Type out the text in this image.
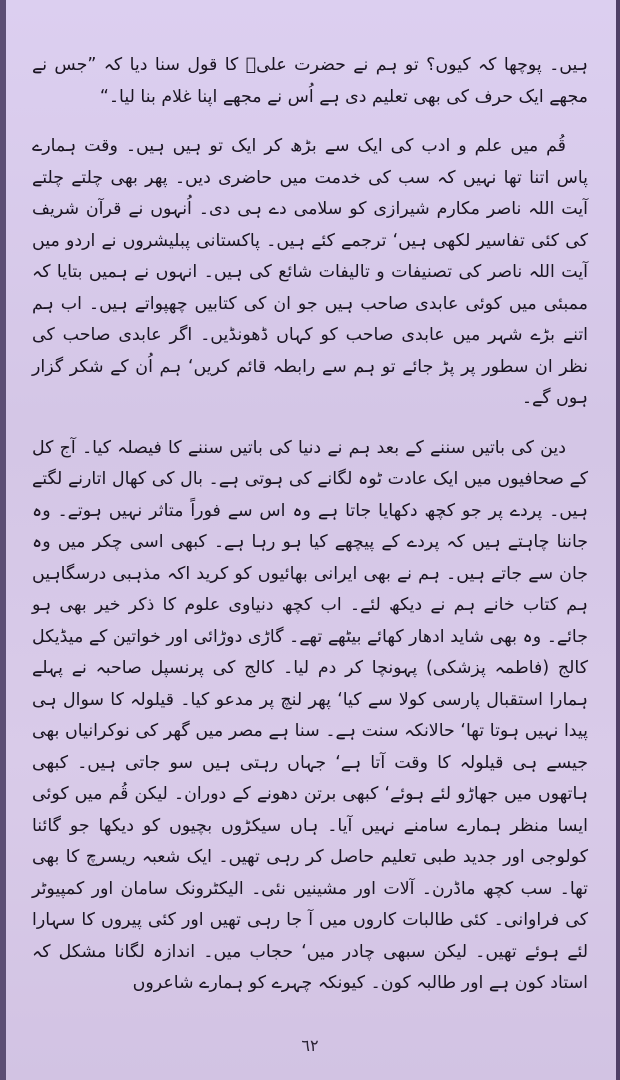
ہیں۔ پوچھا کہ کیوں؟ تو ہم نے حضرت علیؓ کا قول سنا دیا کہ ”جس نے مجھے ایک حرف کی بھی تعلیم دی ہے اُس نے مجھے اپنا غلام بنا لیا۔“

قُم میں علم و ادب کی ایک سے بڑھ کر ایک تو ہیں ہیں۔ وقت ہمارے پاس اتنا تھا نہیں کہ سب کی خدمت میں حاضری دیں۔ پھر بھی چلتے چلتے آیت اللہ ناصر مکارم شیرازی کو سلامی دے ہی دی۔ اُنہوں نے قرآن شریف کی کئی تفاسیر لکھی ہیں‘ ترجمے کئے ہیں۔ پاکستانی پبلیشروں نے اردو میں آیت اللہ ناصر کی تصنیفات و تالیفات شائع کی ہیں۔ انہوں نے ہمیں بتایا کہ ممبئی میں کوئی عابدی صاحب ہیں جو ان کی کتابیں چھپواتے ہیں۔ اب ہم اتنے بڑے شہر میں عابدی صاحب کو کہاں ڈھونڈیں۔ اگر عابدی صاحب کی نظر ان سطور پر پڑ جائے تو ہم سے رابطہ قائم کریں‘ ہم اُن کے شکر گزار ہوں گے۔

دین کی باتیں سننے کے بعد ہم نے دنیا کی باتیں سننے کا فیصلہ کیا۔ آج کل کے صحافیوں میں ایک عادت ٹوہ لگانے کی ہوتی ہے۔ بال کی کھال اتارنے لگتے ہیں۔ پردے پر جو کچھ دکھایا جاتا ہے وہ اس سے فوراً متاثر نہیں ہوتے۔ وہ جاننا چاہتے ہیں کہ پردے کے پیچھے کیا ہو رہا ہے۔ کبھی اسی چکر میں وہ جان سے جاتے ہیں۔ ہم نے بھی ایرانی بھائیوں کو کرید اکہ مذہبی درسگاہیں ہم کتاب خانے ہم نے دیکھ لئے۔ اب کچھ دنیاوی علوم کا ذکر خیر بھی ہو جائے۔ وہ بھی شاید ادھار کھائے بیٹھے تھے۔ گاڑی دوڑائی اور خواتین کے میڈیکل کالج (فاطمہ پزشکی) پہونچا کر دم لیا۔ کالج کی پرنسپل صاحبہ نے پہلے ہمارا استقبال پارسی کولا سے کیا‘ پھر لنچ پر مدعو کیا۔ قیلولہ کا سوال ہی پیدا نہیں ہوتا تھا‘ حالانکہ سنت ہے۔ سنا ہے مصر میں گھر کی نوکرانیاں بھی جیسے ہی قیلولہ کا وقت آتا ہے‘ جہاں رہتی ہیں سو جاتی ہیں۔ کبھی ہاتھوں میں جھاڑو لئے ہوئے‘ کبھی برتن دھونے کے دوران۔ لیکن قُم میں کوئی ایسا منظر ہمارے سامنے نہیں آیا۔ ہاں سیکڑوں بچیوں کو دیکھا جو گائنا کولوجی اور جدید طبی تعلیم حاصل کر رہی تھیں۔ ایک شعبہ ریسرچ کا بھی تھا۔ سب کچھ ماڈرن۔ آلات اور مشینیں نئی۔ الیکٹرونک سامان اور کمپیوٹر کی فراوانی۔ کئی طالبات کاروں میں آ جا رہی تھیں اور کئی پیروں کا سہارا لئے ہوئے تھیں۔ لیکن سبھی چادر میں‘ حجاب میں۔ اندازہ لگانا مشکل کہ استاد کون ہے اور طالبہ کون۔ کیونکہ چہرے کو ہمارے شاعروں

٦٢
